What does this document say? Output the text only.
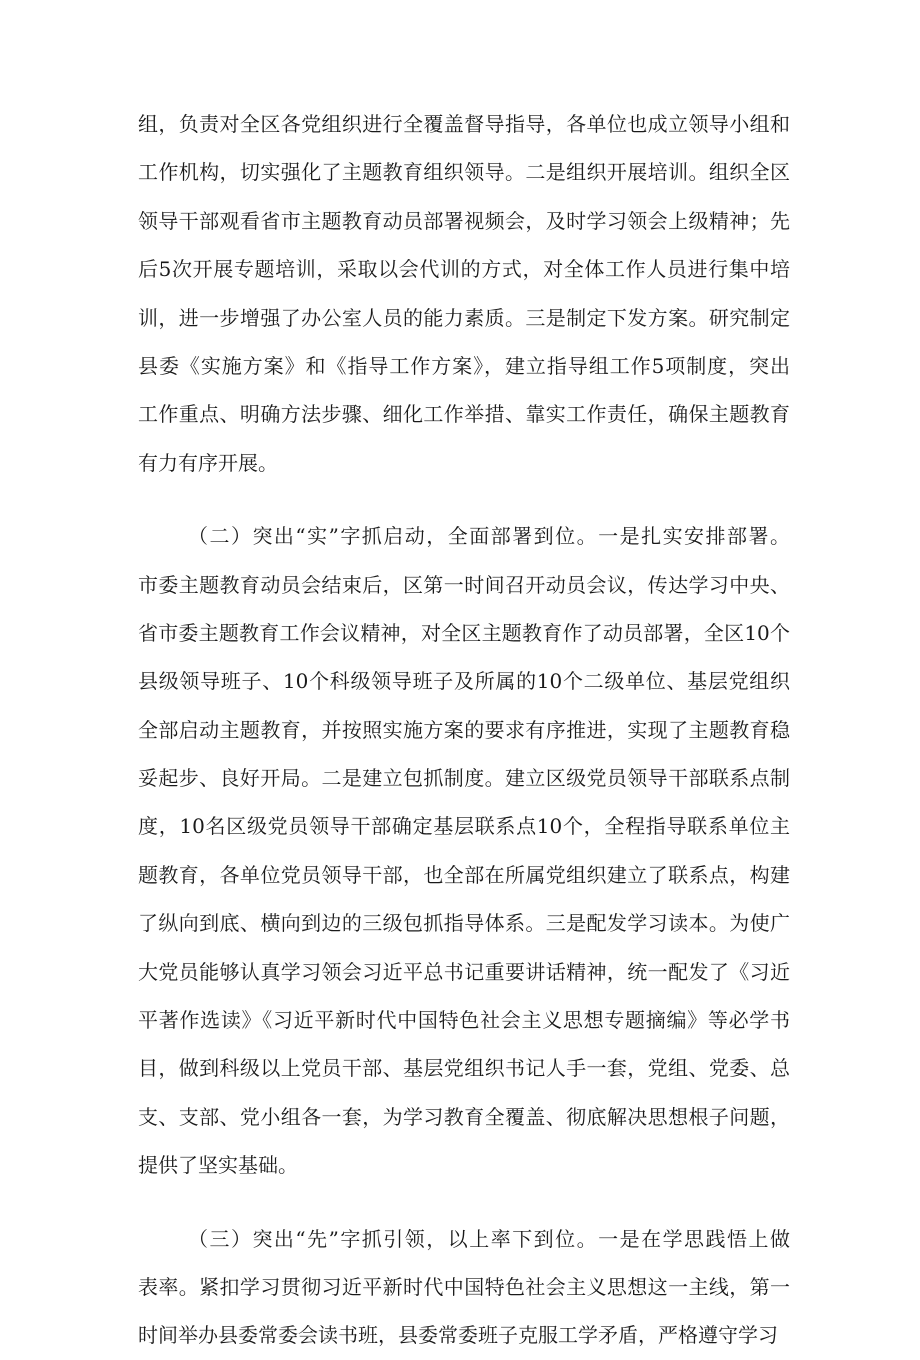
组，负责对全区各党组织进行全覆盖督导指导，各单位也成立领导小组和
工作机构，切实强化了主题教育组织领导。二是组织开展培训。组织全区
领导干部观看省市主题教育动员部署视频会，及时学习领会上级精神；先
后5次开展专题培训，采取以会代训的方式，对全体工作人员进行集中培
训，进一步增强了办公室人员的能力素质。三是制定下发方案。研究制定
县委《实施方案》和《指导工作方案》，建立指导组工作5项制度，突出
工作重点、明确方法步骤、细化工作举措、靠实工作责任，确保主题教育
有力有序开展。
（二）突出“实”字抓启动，全面部署到位。一是扎实安排部署。
市委主题教育动员会结束后，区第一时间召开动员会议，传达学习中央、
省市委主题教育工作会议精神，对全区主题教育作了动员部署，全区10个
县级领导班子、10个科级领导班子及所属的10个二级单位、基层党组织
全部启动主题教育，并按照实施方案的要求有序推进，实现了主题教育稳
妥起步、良好开局。二是建立包抓制度。建立区级党员领导干部联系点制
度，10名区级党员领导干部确定基层联系点10个，全程指导联系单位主
题教育，各单位党员领导干部，也全部在所属党组织建立了联系点，构建
了纵向到底、横向到边的三级包抓指导体系。三是配发学习读本。为使广
大党员能够认真学习领会习近平总书记重要讲话精神，统一配发了《习近
平著作选读》《习近平新时代中国特色社会主义思想专题摘编》等必学书
目，做到科级以上党员干部、基层党组织书记人手一套，党组、党委、总
支、支部、党小组各一套，为学习教育全覆盖、彻底解决思想根子问题，
提供了坚实基础。
（三）突出“先”字抓引领，以上率下到位。一是在学思践悟上做
表率。紧扣学习贯彻习近平新时代中国特色社会主义思想这一主线，第一
时间举办县委常委会读书班，县委常委班子克服工学矛盾，严格遵守学习
